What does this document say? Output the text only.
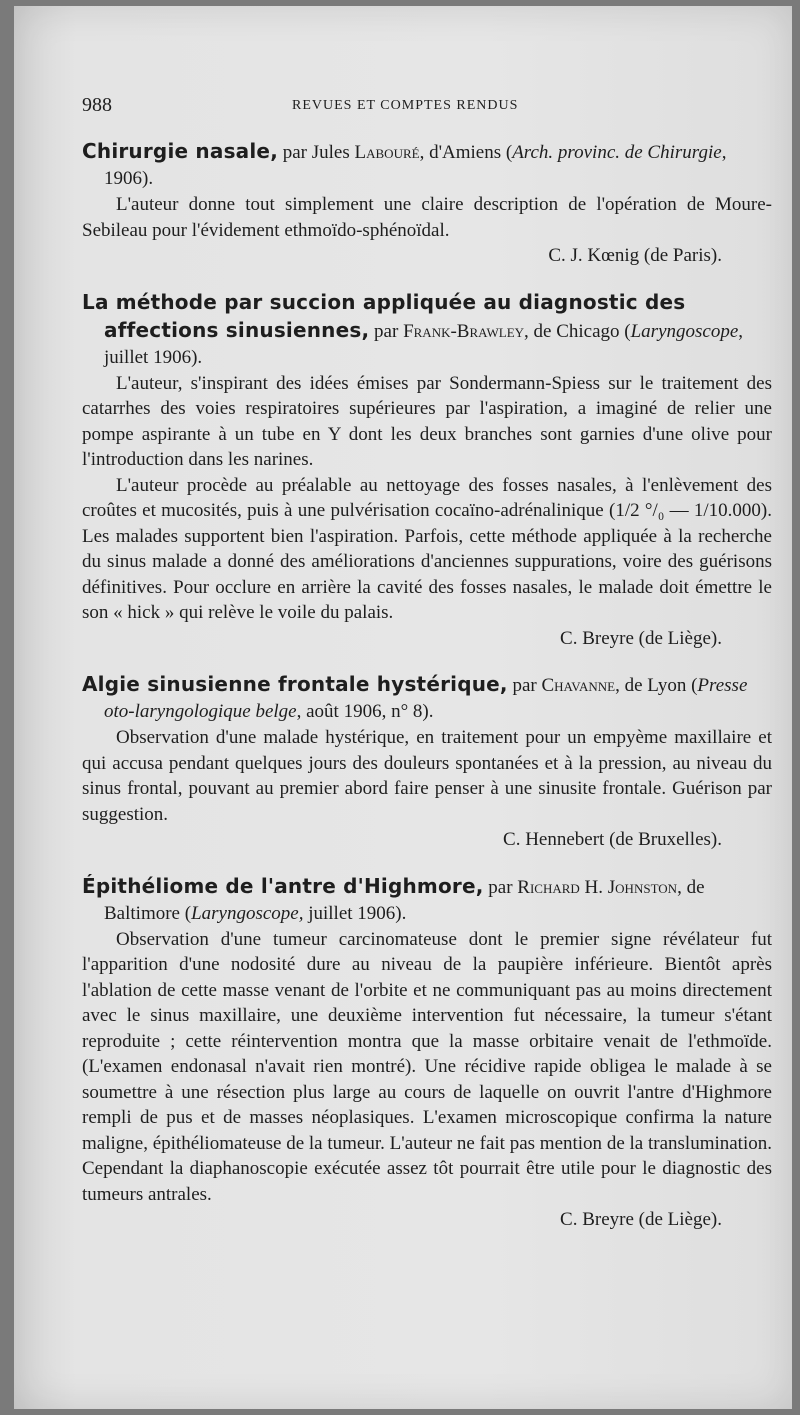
988	REVUES ET COMPTES RENDUS
Chirurgie nasale, par Jules Labouré, d'Amiens (Arch. provinc. de Chirurgie, 1906).

L'auteur donne tout simplement une claire description de l'opération de Moure-Sebileau pour l'évidement ethmoïdo-sphénoïdal.

C. J. Kœnig (de Paris).
La méthode par succion appliquée au diagnostic des affections sinusiennes, par Frank-Brawley, de Chicago (Laryngoscope, juillet 1906).

L'auteur, s'inspirant des idées émises par Sondermann-Spiess sur le traitement des catarrhes des voies respiratoires supérieures par l'aspiration, a imaginé de relier une pompe aspirante à un tube en Y dont les deux branches sont garnies d'une olive pour l'introduction dans les narines.

L'auteur procède au préalable au nettoyage des fosses nasales, à l'enlèvement des croûtes et mucosités, puis à une pulvérisation cocaïno-adrénalinique (1/2 °/₀ — 1/10.000). Les malades supportent bien l'aspiration. Parfois, cette méthode appliquée à la recherche du sinus malade a donné des améliorations d'anciennes suppurations, voire des guérisons définitives. Pour occlure en arrière la cavité des fosses nasales, le malade doit émettre le son « hick » qui relève le voile du palais.

C. Breyre (de Liège).
Algie sinusienne frontale hystérique, par Chavanne, de Lyon (Presse oto-laryngologique belge, août 1906, n° 8).

Observation d'une malade hystérique, en traitement pour un empyème maxillaire et qui accusa pendant quelques jours des douleurs spontanées et à la pression, au niveau du sinus frontal, pouvant au premier abord faire penser à une sinusite frontale. Guérison par suggestion.

C. Hennebert (de Bruxelles).
Épithéliome de l'antre d'Highmore, par Richard H. Johnston, de Baltimore (Laryngoscope, juillet 1906).

Observation d'une tumeur carcinomateuse dont le premier signe révélateur fut l'apparition d'une nodosité dure au niveau de la paupière inférieure. Bientôt après l'ablation de cette masse venant de l'orbite et ne communiquant pas au moins directement avec le sinus maxillaire, une deuxième intervention fut nécessaire, la tumeur s'étant reproduite ; cette réintervention montra que la masse orbitaire venait de l'ethmoïde. (L'examen endonasal n'avait rien montré). Une récidive rapide obligea le malade à se soumettre à une résection plus large au cours de laquelle on ouvrit l'antre d'Highmore rempli de pus et de masses néoplasiques. L'examen microscopique confirma la nature maligne, épithéliomateuse de la tumeur. L'auteur ne fait pas mention de la translumination. Cependant la diaphanoscopie exécutée assez tôt pourrait être utile pour le diagnostic des tumeurs antrales.

C. Breyre (de Liège).
